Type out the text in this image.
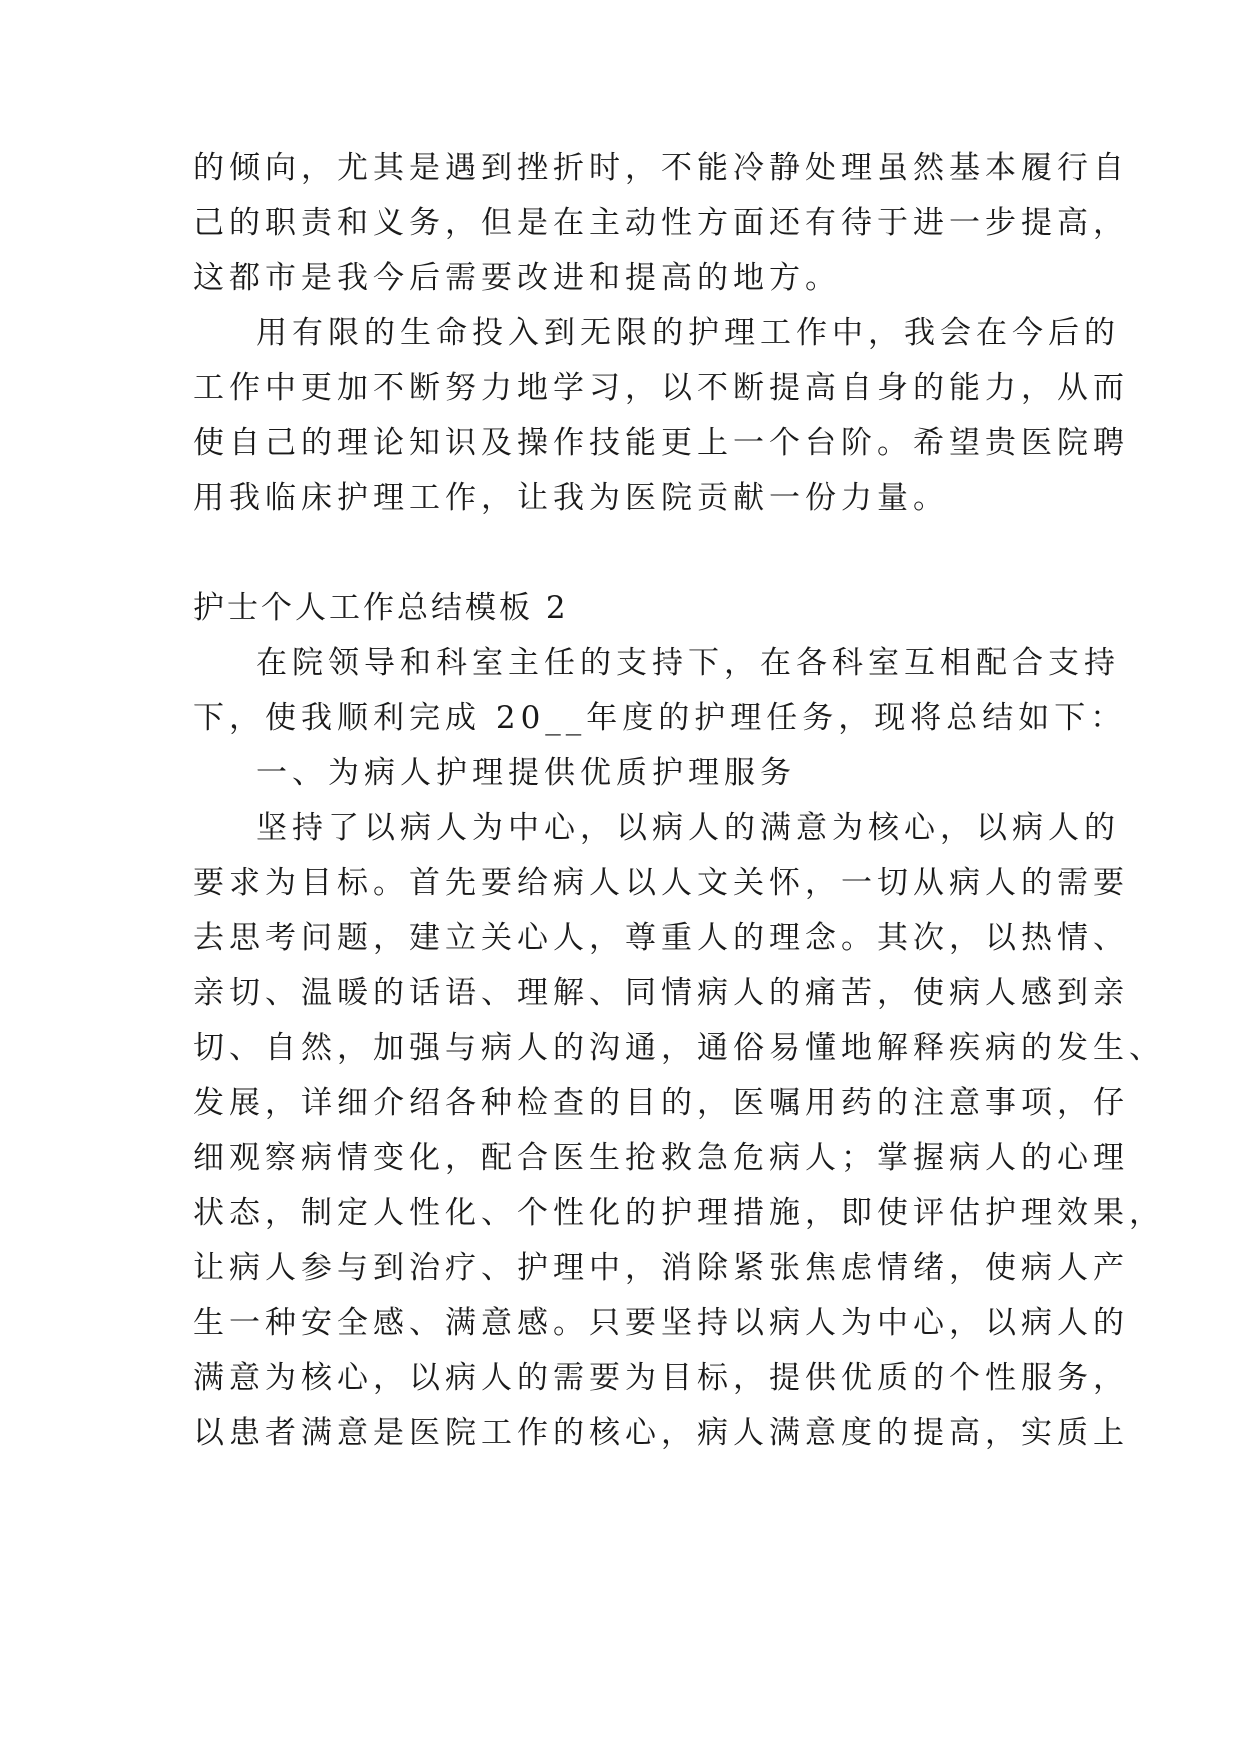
的倾向，尤其是遇到挫折时，不能冷静处理虽然基本履行自
己的职责和义务，但是在主动性方面还有待于进一步提高，
这都市是我今后需要改进和提高的地方。
用有限的生命投入到无限的护理工作中，我会在今后的
工作中更加不断努力地学习，以不断提高自身的能力，从而
使自己的理论知识及操作技能更上一个台阶。希望贵医院聘
用我临床护理工作，让我为医院贡献一份力量。
护士个人工作总结模板 2
在院领导和科室主任的支持下，在各科室互相配合支持
下，使我顺利完成 20__年度的护理任务，现将总结如下：
一、为病人护理提供优质护理服务
坚持了以病人为中心，以病人的满意为核心，以病人的
要求为目标。首先要给病人以人文关怀，一切从病人的需要
去思考问题，建立关心人，尊重人的理念。其次，以热情、
亲切、温暖的话语、理解、同情病人的痛苦，使病人感到亲
切、自然，加强与病人的沟通，通俗易懂地解释疾病的发生、
发展，详细介绍各种检查的目的，医嘱用药的注意事项，仔
细观察病情变化，配合医生抢救急危病人；掌握病人的心理
状态，制定人性化、个性化的护理措施，即使评估护理效果，
让病人参与到治疗、护理中，消除紧张焦虑情绪，使病人产
生一种安全感、满意感。只要坚持以病人为中心，以病人的
满意为核心，以病人的需要为目标，提供优质的个性服务，
以患者满意是医院工作的核心，病人满意度的提高，实质上
